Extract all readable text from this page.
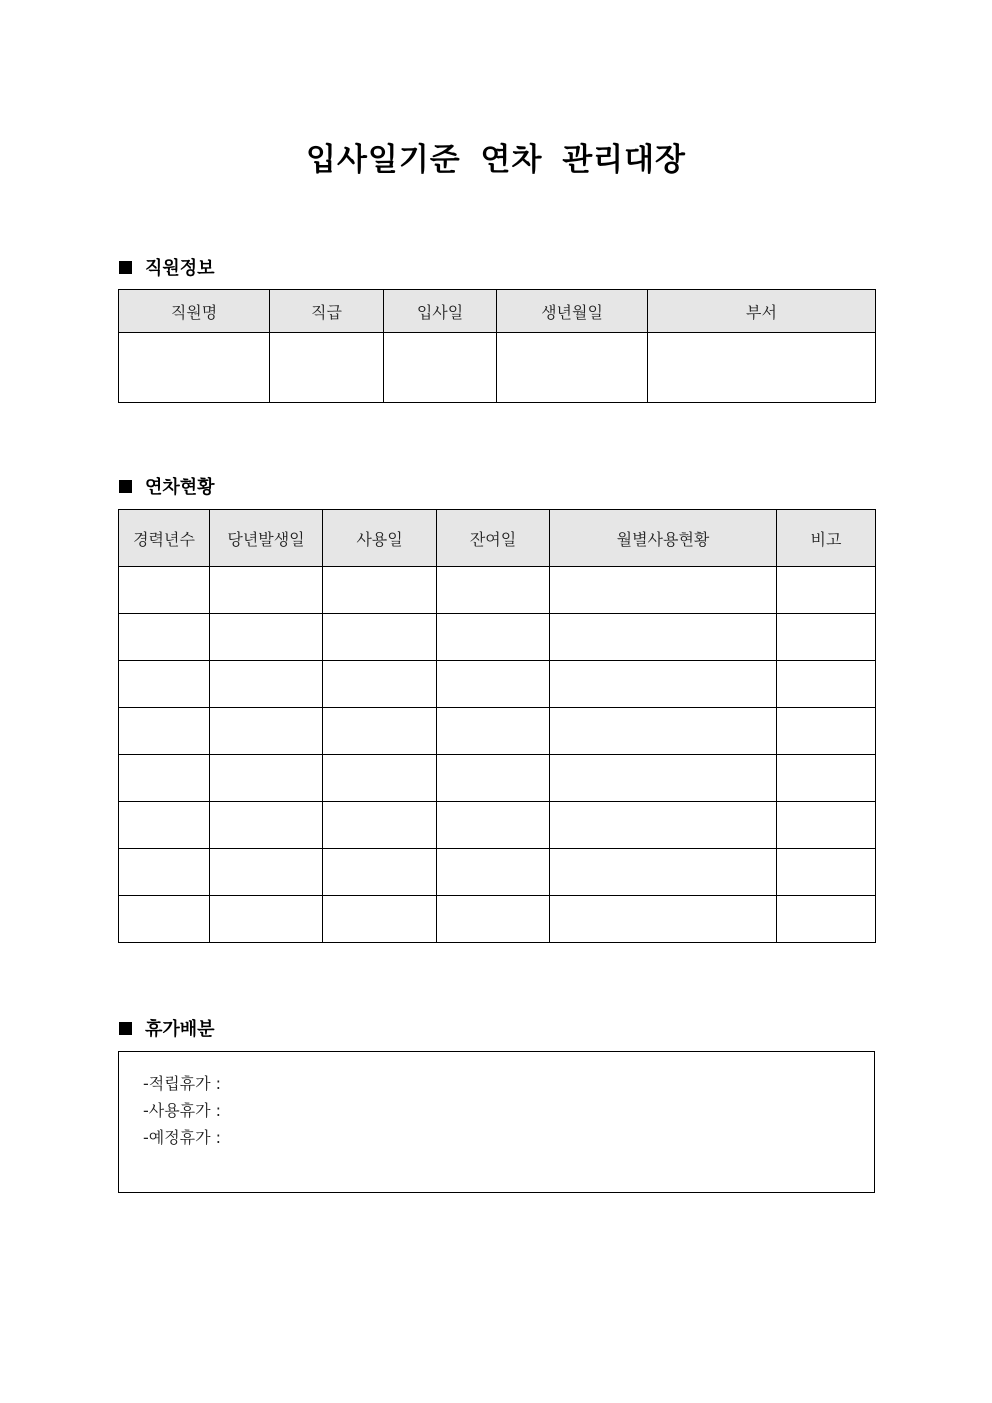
입사일기준 연차 관리대장
직원정보
직원명	직급	입사일	생년월일	부서

연차현황
경력년수	당년발생일	사용일	잔여일	월별사용현황	비고

휴가배분
-적립휴가 :
-사용휴가 :
-예정휴가 :
